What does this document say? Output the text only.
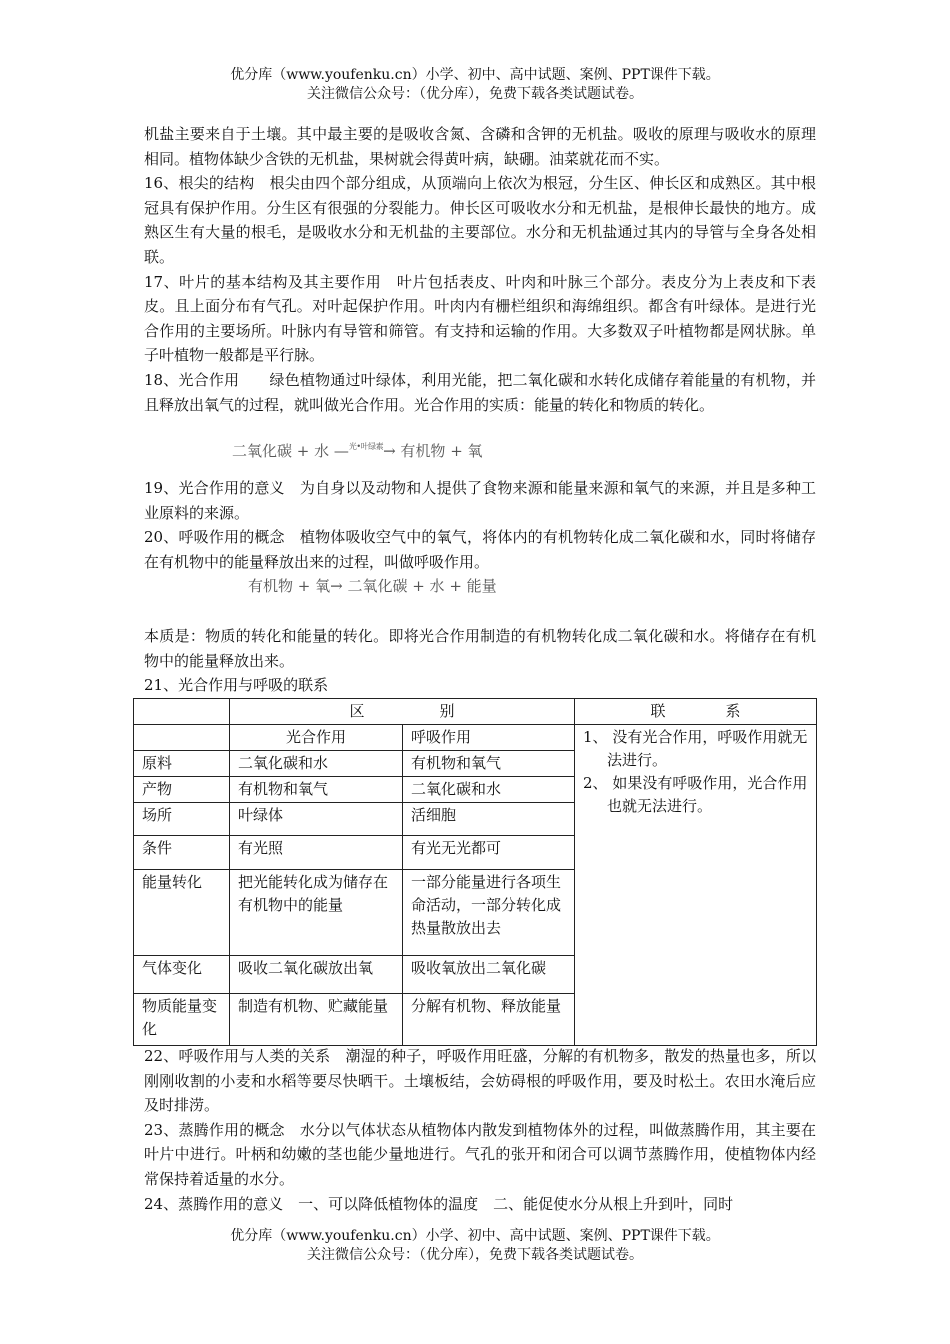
优分库（www.youfenku.cn）小学、初中、高中试题、案例、PPT课件下载。
关注微信公众号：（优分库），免费下载各类试题试卷。

机盐主要来自于土壤。其中最主要的是吸收含氮、含磷和含钾的无机盐。吸收的原理与吸收水的原理相同。植物体缺少含铁的无机盐，果树就会得黄叶病，缺硼。油菜就花而不实。

16、根尖的结构　根尖由四个部分组成，从顶端向上依次为根冠，分生区、伸长区和成熟区。其中根冠具有保护作用。分生区有很强的分裂能力。伸长区可吸收水分和无机盐，是根伸长最快的地方。成熟区生有大量的根毛，是吸收水分和无机盐的主要部位。水分和无机盐通过其内的导管与全身各处相联。

17、叶片的基本结构及其主要作用　叶片包括表皮、叶肉和叶脉三个部分。表皮分为上表皮和下表皮。且上面分布有气孔。对叶起保护作用。叶肉内有栅栏组织和海绵组织。都含有叶绿体。是进行光合作用的主要场所。叶脉内有导管和筛管。有支持和运输的作用。大多数双子叶植物都是网状脉。单子叶植物一般都是平行脉。

18、光合作用　　绿色植物通过叶绿体，利用光能，把二氧化碳和水转化成储存着能量的有机物，并且释放出氧气的过程，就叫做光合作用。光合作用的实质：能量的转化和物质的转化。

二氧化碳 + 水 —$^{光•叶绿素}$→ 有机物 + 氧

19、光合作用的意义　为自身以及动物和人提供了食物来源和能量来源和氧气的来源，并且是多种工业原料的来源。

20、呼吸作用的概念　植物体吸收空气中的氧气，将体内的有机物转化成二氧化碳和水，同时将储存在有机物中的能量释放出来的过程，叫做呼吸作用。

有机物 + 氧→ 二氧化碳 + 水 + 能量

本质是：物质的转化和能量的转化。即将光合作用制造的有机物转化成二氧化碳和水。将储存在有机物中的能量释放出来。

21、光合作用与呼吸的联系

	区　　　　　别		联　　　　系
	光合作用	呼吸作用	1、 没有光合作用，呼吸作用就无法进行。
2、 如果没有呼吸作用，光合作用也就无法进行。

原料	二氧化碳和水	有机物和氧气	
产物	有机物和氧气	二氧化碳和水	
场所	叶绿体	活细胞	
条件	有光照	有光无光都可	
能量转化	把光能转化成为储存在有机物中的能量	一部分能量进行各项生命活动，一部分转化成热量散放出去	
气体变化	吸收二氧化碳放出氧	吸收氧放出二氧化碳	
物质能量变化	制造有机物、贮藏能量	分解有机物、释放能量	

22、呼吸作用与人类的关系　潮湿的种子，呼吸作用旺盛，分解的有机物多，散发的热量也多，所以刚刚收割的小麦和水稻等要尽快晒干。土壤板结，会妨碍根的呼吸作用，要及时松土。农田水淹后应及时排涝。

23、蒸腾作用的概念　水分以气体状态从植物体内散发到植物体外的过程，叫做蒸腾作用，其主要在叶片中进行。叶柄和幼嫩的茎也能少量地进行。气孔的张开和闭合可以调节蒸腾作用，使植物体内经常保持着适量的水分。

24、蒸腾作用的意义　一、可以降低植物体的温度　二、能促使水分从根上升到叶，同时

优分库（www.youfenku.cn）小学、初中、高中试题、案例、PPT课件下载。
关注微信公众号：（优分库），免费下载各类试题试卷。
